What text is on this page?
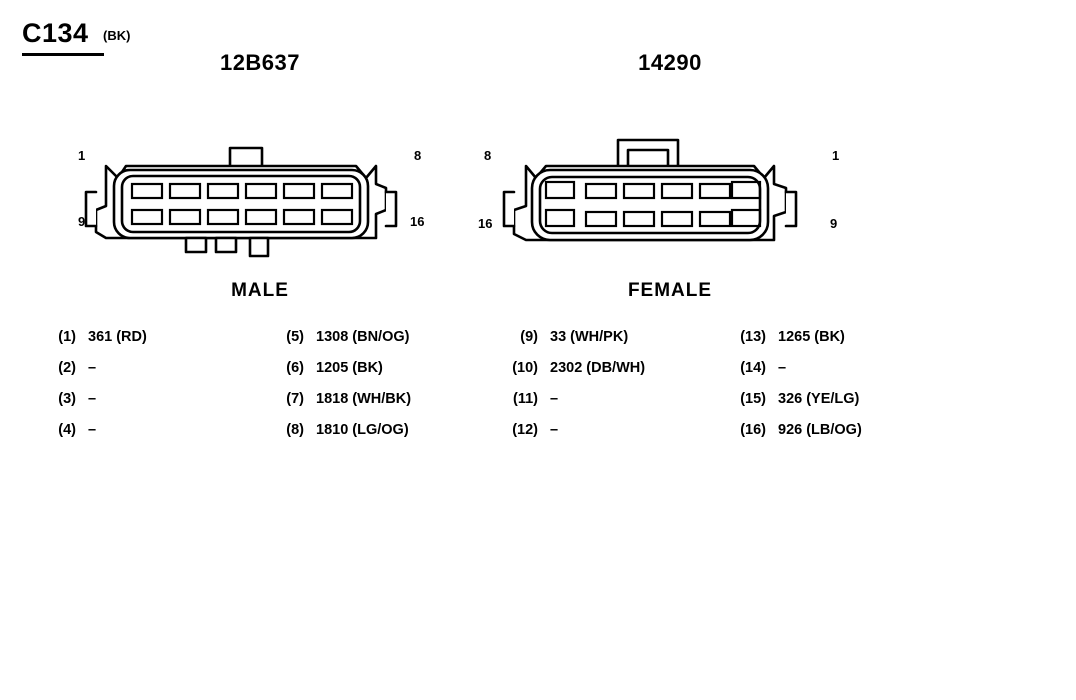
C134 (BK)
12B637
1
9
8
16
MALE
14290
8
16
1
9
FEMALE
(1) 361 (RD)
(2) –
(3) –
(4) –
(5) 1308 (BN/OG)
(6) 1205 (BK)
(7) 1818 (WH/BK)
(8) 1810 (LG/OG)
(9) 33 (WH/PK)
(10) 2302 (DB/WH)
(11) –
(12) –
(13) 1265 (BK)
(14) –
(15) 326 (YE/LG)
(16) 926 (LB/OG)
